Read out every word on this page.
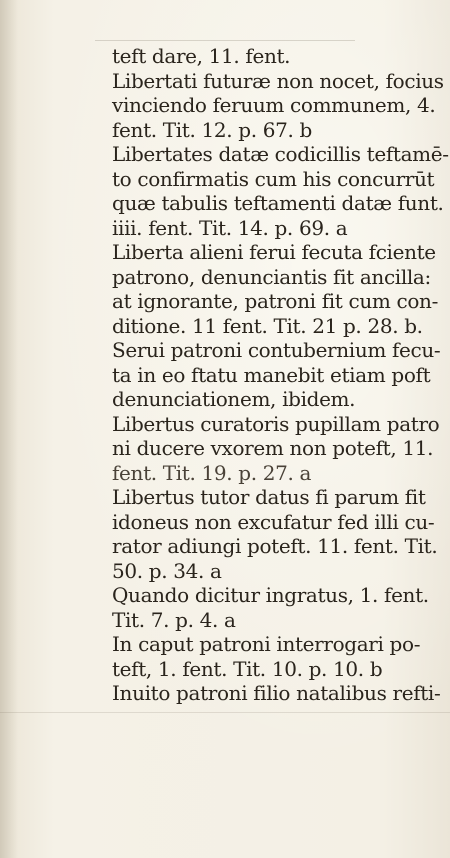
teft dare, 11. fent.
Libertati futuræ non nocet, focius
vinciendo feruum communem, 4.
fent. Tit. 12. p. 67. b
Libertates datæ codicillis teftamē-
to confirmatis cum his concurrūt
quæ tabulis teftamenti datæ funt.
iiii. fent. Tit. 14. p. 69. a
Liberta alieni ferui fecuta fciente
patrono, denunciantis fit ancilla:
at ignorante, patroni fit cum con-
ditione. 11 fent. Tit. 21 p. 28. b.
Serui patroni contubernium fecu-
ta in eo ftatu manebit etiam poft
denunciationem, ibidem.
Libertus curatoris pupillam patro
ni ducere vxorem non poteft, 11.
fent. Tit. 19. p. 27. a
Libertus tutor datus fi parum fit
idoneus non excufatur fed illi cu-
rator adiungi poteft. 11. fent. Tit.
50. p. 34. a
Quando dicitur ingratus, 1. fent.
Tit. 7. p. 4. a
In caput patroni interrogari po-
teft, 1. fent. Tit. 10. p. 10. b
Inuito patroni filio natalibus refti-
